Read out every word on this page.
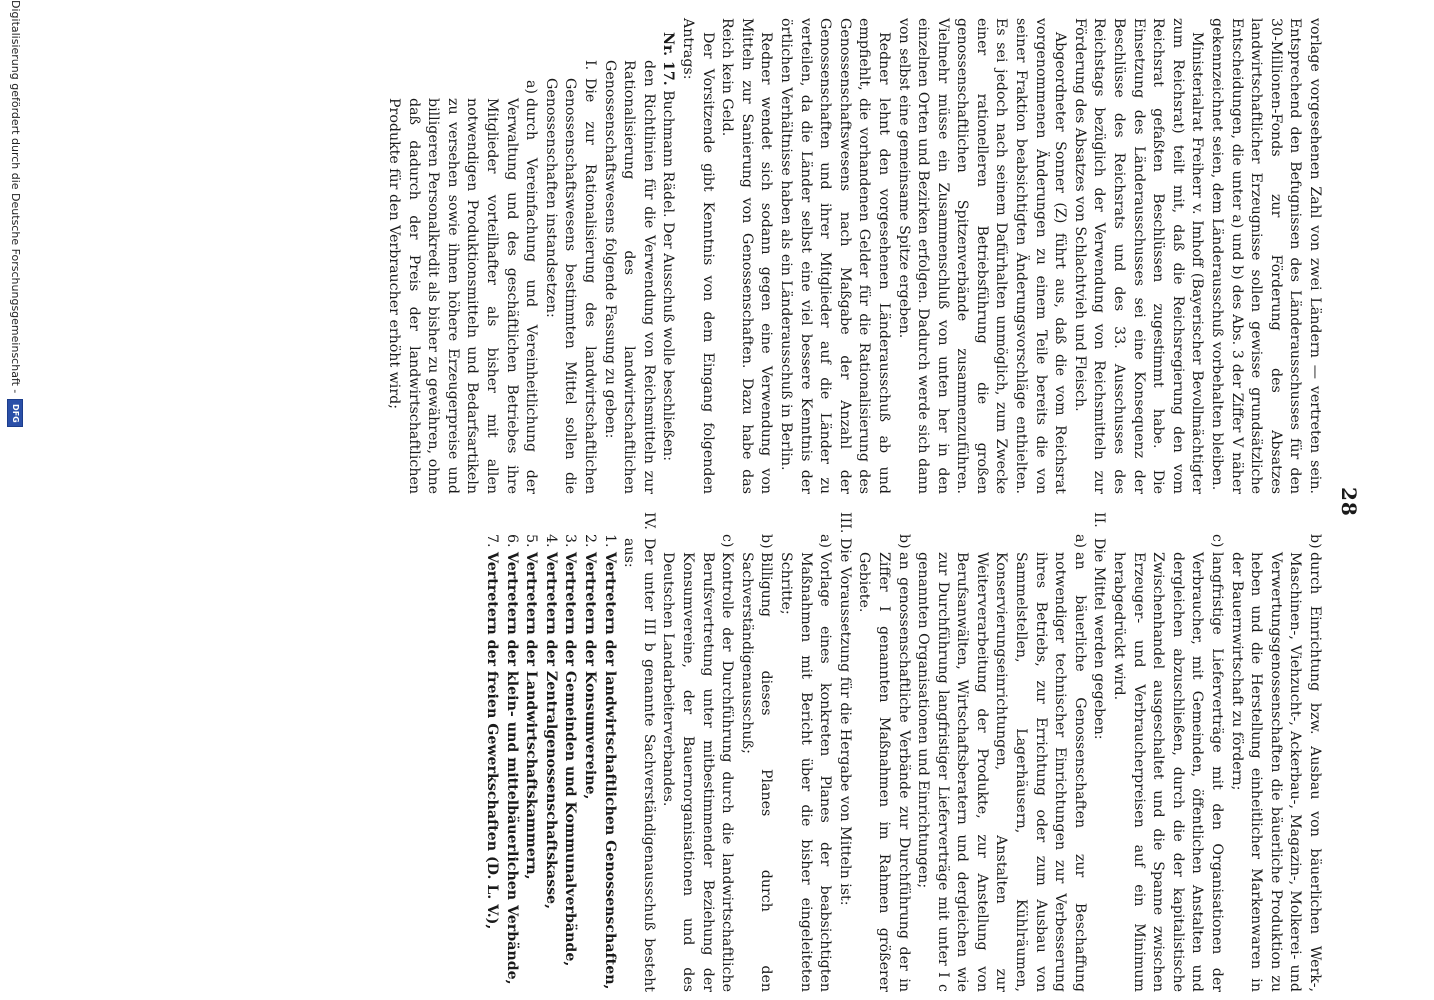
28

vorlage vorgesehenen Zahl von zwei Ländern — vertreten sein. Entsprechend den Befugnissen des Länderausschusses für den 30-Millionen-Fonds zur Förderung des Absatzes landwirtschaftlicher Erzeugnisse sollen gewisse grundsätzliche Entscheidungen, die unter a) und b) des Abs. 3 der Ziffer V näher gekennzeichnet seien, dem Länderausschuß vorbehalten bleiben.

Ministerialrat Freiherr v. Imhoff (Bayerischer Bevollmächtigter zum Reichsrat) teilt mit, daß die Reichsregierung den vom Reichsrat gefaßten Beschlüssen zugestimmt habe. Die Einsetzung des Länderausschusses sei eine Konsequenz der Beschlüsse des Reichsrats und des 33. Ausschusses des Reichstags bezüglich der Verwendung von Reichsmitteln zur Förderung des Absatzes von Schlachtvieh und Fleisch.

Abgeordneter Sonner (Z) führt aus, daß die vom Reichsrat vorgenommenen Änderungen zu einem Teile bereits die von seiner Fraktion beabsichtigten Änderungsvorschläge enthielten. Es sei jedoch nach seinem Dafürhalten unmöglich, zum Zwecke einer rationelleren Betriebsführung die großen genossenschaftlichen Spitzenverbände zusammenzuführen. Vielmehr müsse ein Zusammenschluß von unten her in den einzelnen Orten und Bezirken erfolgen. Dadurch werde sich dann von selbst eine gemeinsame Spitze ergeben.

Redner lehnt den vorgesehenen Länderausschuß ab und empfiehlt, die vorhandenen Gelder für die Rationalisierung des Genossenschaftswesens nach Maßgabe der Anzahl der Genossenschaften und ihrer Mitglieder auf die Länder zu verteilen, da die Länder selbst eine viel bessere Kenntnis der örtlichen Verhältnisse haben als ein Länderausschuß in Berlin.

Redner wendet sich sodann gegen eine Verwendung von Mitteln zur Sanierung von Genossenschaften. Dazu habe das Reich kein Geld.

Der Vorsitzende gibt Kenntnis von dem Eingang folgenden Antrags:

Nr. 17. Buchmann Rädel. Der Ausschuß wolle beschließen:

den Richtlinien für die Verwendung von Reichsmitteln zur Rationalisierung des landwirtschaftlichen Genossenschaftswesens folgende Fassung zu geben:

I.
Die zur Rationalisierung des landwirtschaftlichen Genossenschaftswesens bestimmten Mittel sollen die Genossenschaften instandsetzen:
a)
durch Vereinfachung und Vereinheitlichung der Verwaltung und des geschäftlichen Betriebes ihre Mitglieder vorteilhafter als bisher mit allen notwendigen Produktionsmitteln und Bedarfsartikeln zu versehen sowie ihnen höhere Erzeugerpreise und billigeren Personalkredit als bisher zu gewähren, ohne daß dadurch der Preis der landwirtschaftlichen Produkte für den Verbraucher erhöht wird;
b)
durch Einrichtung bzw. Ausbau von bäuerlichen Werk-, Maschinen-, Viehzucht-, Ackerbau-, Magazin-, Molkerei- und Verwertungsgenossenschaften die bäuerliche Produktion zu heben und die Herstellung einheitlicher Markenwaren in der Bauernwirtschaft zu fördern;
c)
langfristige Lieferverträge mit den Organisationen der Verbraucher, mit Gemeinden, öffentlichen Anstalten und dergleichen abzuschließen, durch die der kapitalistische Zwischenhandel ausgeschaltet und die Spanne zwischen Erzeuger- und Verbraucherpreisen auf ein Minimum herabgedrückt wird.
II.
Die Mittel werden gegeben:
a)
an bäuerliche Genossenschaften zur Beschaffung notwendiger technischer Einrichtungen zur Verbesserung ihres Betriebs, zur Errichtung oder zum Ausbau von Sammelstellen, Lagerhäusern, Kühlräumen, Konservierungseinrichtungen, Anstalten zur Weiterverarbeitung der Produkte, zur Anstellung von Berufsanwälten, Wirtschaftsberatern und dergleichen wie zur Durchführung langfristiger Lieferverträge mit unter I c genannten Organisationen und Einrichtungen;
b)
an genossenschaftliche Verbände zur Durchführung der in Ziffer I genannten Maßnahmen im Rahmen größerer Gebiete.
III.
Die Voraussetzung für die Hergabe von Mitteln ist:
a)
Vorlage eines konkreten Planes der beabsichtigten Maßnahmen mit Bericht über die bisher eingeleiteten Schritte;
b)
Billigung dieses Planes durch den Sachverständigenausschuß;
c)
Kontrolle der Durchführung durch die landwirtschaftliche Berufsvertretung unter mitbestimmender Beziehung der Konsumvereine, der Bauernorganisationen und des Deutschen Landarbeiterverbandes.
IV.
Der unter III b genannte Sachverständigenausschuß besteht aus:
1.
Vertretern der landwirtschaftlichen Genossenschaften,
2.
Vertretern der Konsumvereine,
3.
Vertretern der Gemeinden und Kommunalverbände,
4.
Vertretern der Zentralgenossenschaftskasse,
5.
Vertretern der Landwirtschaftskammern,
6.
Vertretern der klein- und mittelbäuerlichen Verbände,
7.
Vertretern der freien Gewerkschaften (D. L. V.),
Digitalisierung gefördert durch die Deutsche Forschungsgemeinschaft -
DFG
